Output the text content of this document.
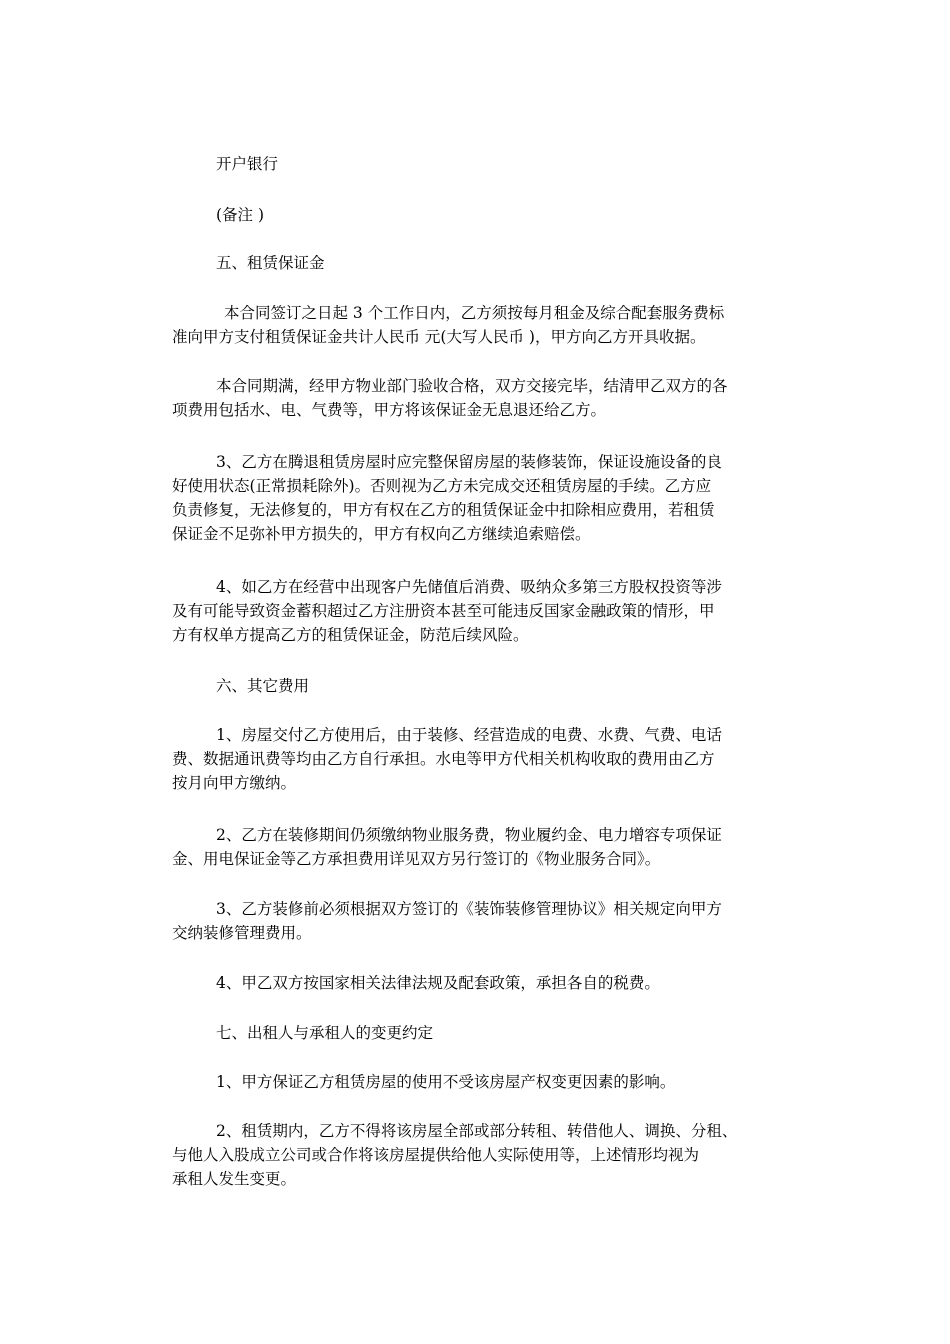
开户银行

(备注 )

五、租赁保证金

本合同签订之日起 3 个工作日内，乙方须按每月租金及综合配套服务费标
准向甲方支付租赁保证金共计人民币 元(大写人民币 )，甲方向乙方开具收据。

本合同期满，经甲方物业部门验收合格，双方交接完毕，结清甲乙双方的各
项费用包括水、电、气费等，甲方将该保证金无息退还给乙方。

3、乙方在腾退租赁房屋时应完整保留房屋的装修装饰，保证设施设备的良
好使用状态(正常损耗除外)。否则视为乙方未完成交还租赁房屋的手续。乙方应
负责修复，无法修复的，甲方有权在乙方的租赁保证金中扣除相应费用，若租赁
保证金不足弥补甲方损失的，甲方有权向乙方继续追索赔偿。

4、如乙方在经营中出现客户先储值后消费、吸纳众多第三方股权投资等涉
及有可能导致资金蓄积超过乙方注册资本甚至可能违反国家金融政策的情形，甲
方有权单方提高乙方的租赁保证金，防范后续风险。

六、其它费用

1、房屋交付乙方使用后，由于装修、经营造成的电费、水费、气费、电话
费、数据通讯费等均由乙方自行承担。水电等甲方代相关机构收取的费用由乙方
按月向甲方缴纳。

2、乙方在装修期间仍须缴纳物业服务费，物业履约金、电力增容专项保证
金、用电保证金等乙方承担费用详见双方另行签订的《物业服务合同》。

3、乙方装修前必须根据双方签订的《装饰装修管理协议》相关规定向甲方
交纳装修管理费用。

4、甲乙双方按国家相关法律法规及配套政策，承担各自的税费。

七、出租人与承租人的变更约定

1、甲方保证乙方租赁房屋的使用不受该房屋产权变更因素的影响。

2、租赁期内，乙方不得将该房屋全部或部分转租、转借他人、调换、分租、
与他人入股成立公司或合作将该房屋提供给他人实际使用等，上述情形均视为
承租人发生变更。
